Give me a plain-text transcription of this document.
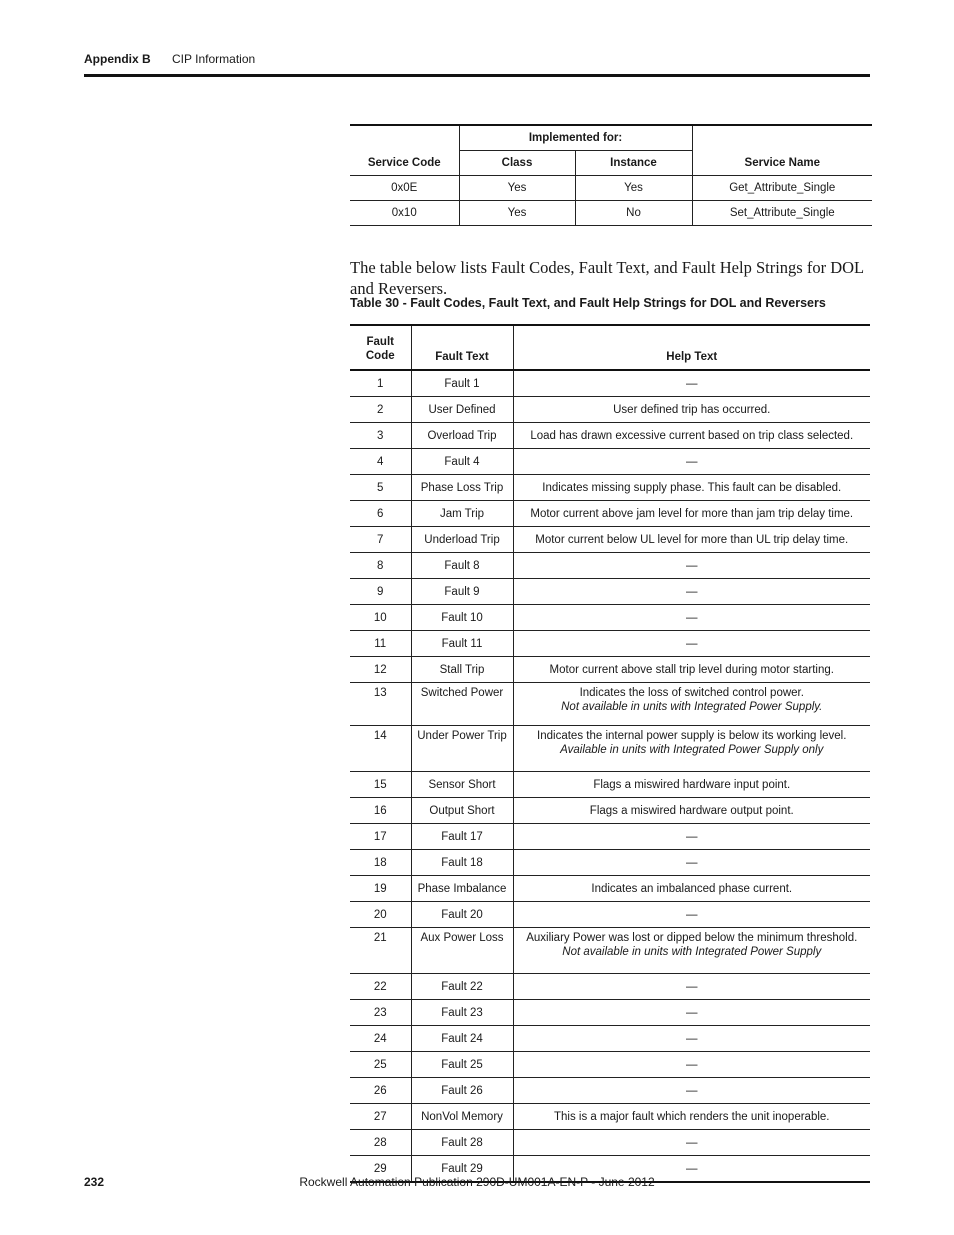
Appendix B CIP Information
Service Code	Implemented for:		Service Name
	Class	Instance	
0x0E	Yes	Yes	Get_Attribute_Single
0x10	Yes	No	Set_Attribute_Single

The table below lists Fault Codes, Fault Text, and Fault Help Strings for DOL and Reversers.

Table 30 - Fault Codes, Fault Text, and Fault Help Strings for DOL and Reversers
Fault Code	Fault Text	Help Text
1	Fault 1	—
2	User Defined	User defined trip has occurred.
3	Overload Trip	Load has drawn excessive current based on trip class selected.
4	Fault 4	—
5	Phase Loss Trip	Indicates missing supply phase. This fault can be disabled.
6	Jam Trip	Motor current above jam level for more than jam trip delay time.
7	Underload Trip	Motor current below UL level for more than UL trip delay time.
8	Fault 8	—
9	Fault 9	—
10	Fault 10	—
11	Fault 11	—
12	Stall Trip	Motor current above stall trip level during motor starting.
13	Switched Power	Indicates the loss of switched control power.
Not available in units with Integrated Power Supply.

14	Under Power Trip	Indicates the internal power supply is below its working level.
Available in units with Integrated Power Supply only

15	Sensor Short	Flags a miswired hardware input point.
16	Output Short	Flags a miswired hardware output point.
17	Fault 17	—
18	Fault 18	—
19	Phase Imbalance	Indicates an imbalanced phase current.
20	Fault 20	—
21	Aux Power Loss	Auxiliary Power was lost or dipped below the minimum threshold.
Not available in units with Integrated Power Supply

22	Fault 22	—
23	Fault 23	—
24	Fault 24	—
25	Fault 25	—
26	Fault 26	—
27	NonVol Memory	This is a major fault which renders the unit inoperable.
28	Fault 28	—
29	Fault 29	—
232	Rockwell Automation Publication 290D-UM001A-EN-P - June 2012
